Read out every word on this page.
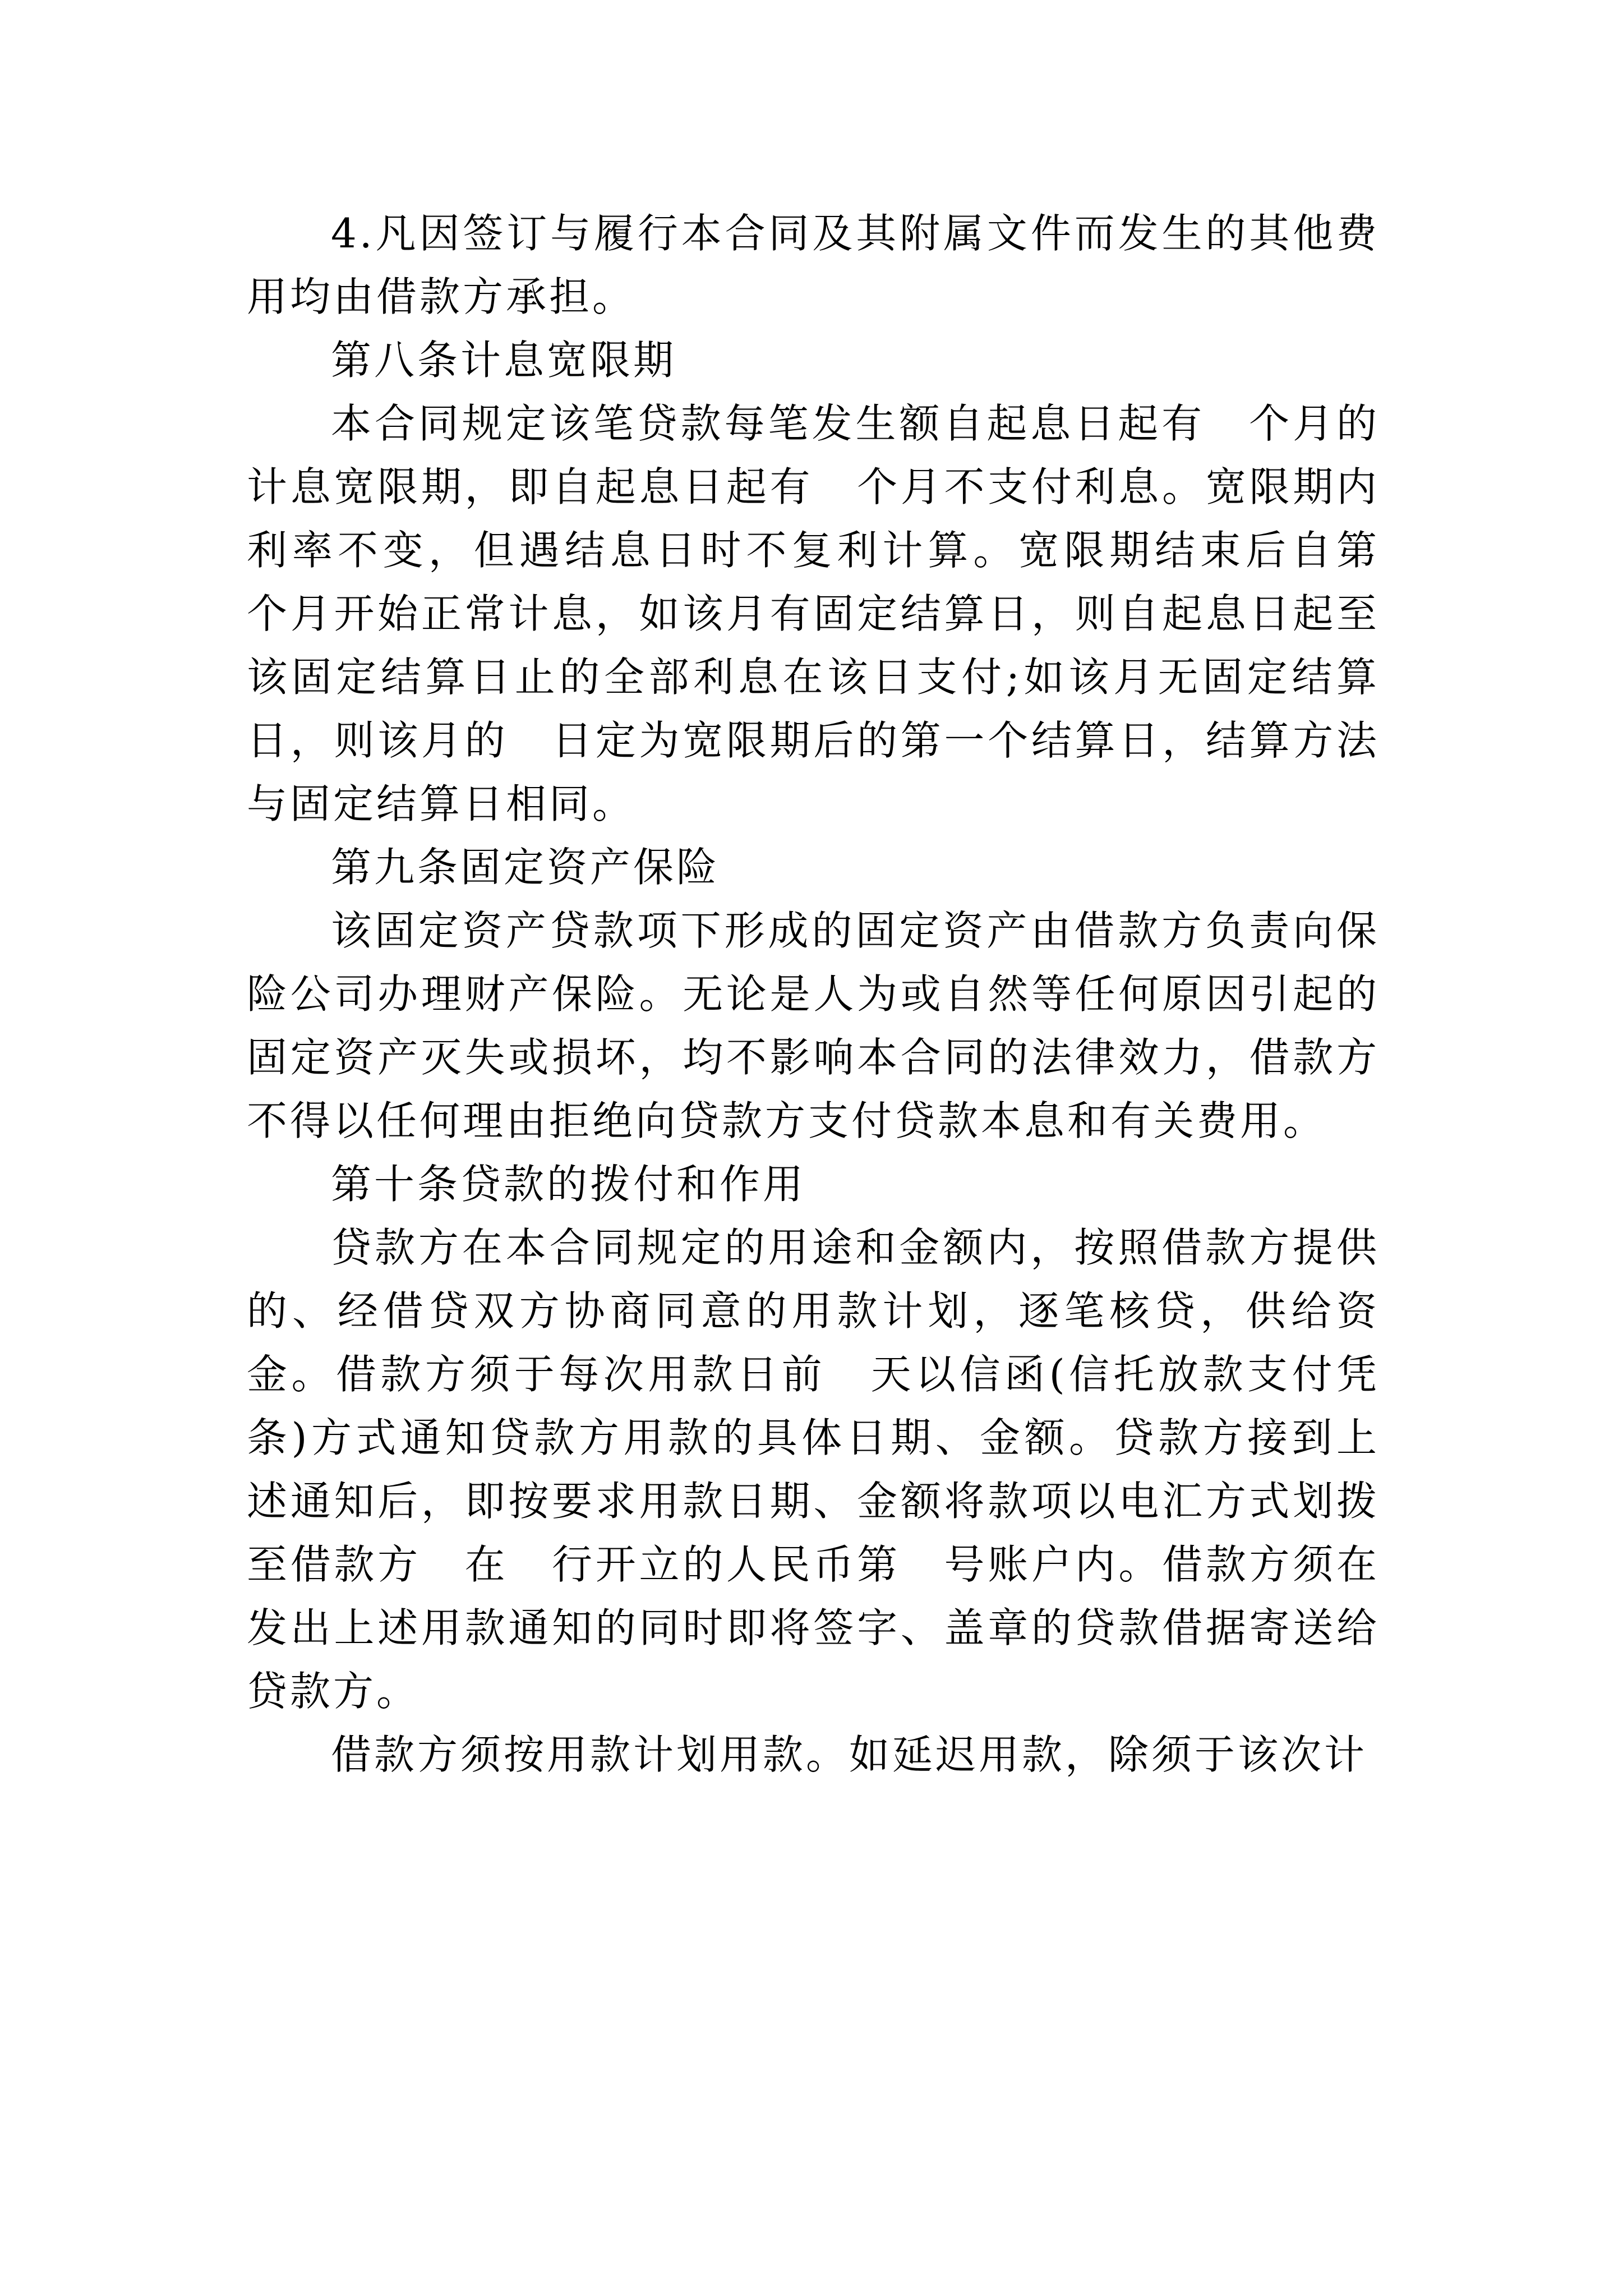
4.凡因签订与履行本合同及其附属文件而发生的其他费用均由借款方承担。

第八条计息宽限期

本合同规定该笔贷款每笔发生额自起息日起有　个月的计息宽限期，即自起息日起有　个月不支付利息。宽限期内利率不变，但遇结息日时不复利计算。宽限期结束后自第　个月开始正常计息，如该月有固定结算日，则自起息日起至该固定结算日止的全部利息在该日支付;如该月无固定结算日，则该月的　日定为宽限期后的第一个结算日，结算方法与固定结算日相同。

第九条固定资产保险

该固定资产贷款项下形成的固定资产由借款方负责向保险公司办理财产保险。无论是人为或自然等任何原因引起的固定资产灭失或损坏，均不影响本合同的法律效力，借款方不得以任何理由拒绝向贷款方支付贷款本息和有关费用。

第十条贷款的拨付和作用

贷款方在本合同规定的用途和金额内，按照借款方提供的、经借贷双方协商同意的用款计划，逐笔核贷，供给资金。借款方须于每次用款日前　天以信函(信托放款支付凭条)方式通知贷款方用款的具体日期、金额。贷款方接到上述通知后，即按要求用款日期、金额将款项以电汇方式划拨至借款方　在　行开立的人民币第　号账户内。借款方须在发出上述用款通知的同时即将签字、盖章的贷款借据寄送给贷款方。

借款方须按用款计划用款。如延迟用款，除须于该次计
